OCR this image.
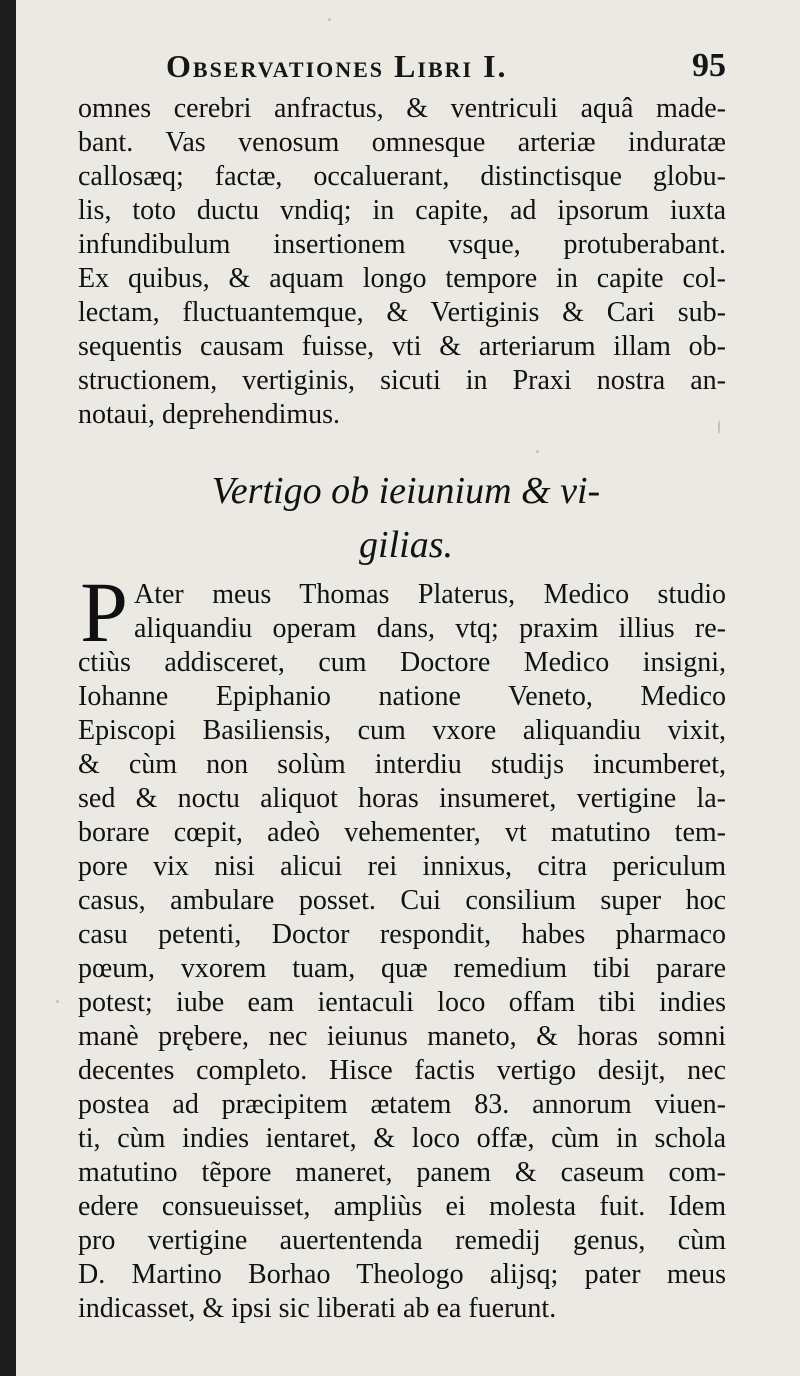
Observationes Libri I.	95
omnes cerebri anfractus, & ventriculi aquâ made-
bant. Vas venosum omnesque arteriæ induratæ
callosæq; factæ, occaluerant, distinctisque globu-
lis, toto ductu vndiq; in capite, ad ipsorum iuxta
infundibulum insertionem vsque, protuberabant.
Ex quibus, & aquam longo tempore in capite col-
lectam, fluctuantemque, & Vertiginis & Cari sub-
sequentis causam fuisse, vti & arteriarum illam ob-
structionem, vertiginis, sicuti in Praxi nostra an-
notaui, deprehendimus.
Vertigo ob ieiunium & vi-
gilias.
P Ater meus Thomas Platerus, Medico studio
aliquandiu operam dans, vtq; praxim illius re-
ctiùs addisceret, cum Doctore Medico insigni,
Iohanne Epiphanio natione Veneto, Medico
Episcopi Basiliensis, cum vxore aliquandiu vixit,
& cùm non solùm interdiu studijs incumberet,
sed & noctu aliquot horas insumeret, vertigine la-
borare cœpit, adeò vehementer, vt matutino tem-
pore vix nisi alicui rei innixus, citra periculum
casus, ambulare posset. Cui consilium super hoc
casu petenti, Doctor respondit, habes pharmaco
pœum, vxorem tuam, quæ remedium tibi parare
potest; iube eam ientaculi loco offam tibi indies
manè prębere, nec ieiunus maneto, & horas somni
decentes completo. Hisce factis vertigo desijt, nec
postea ad præcipitem ætatem 83. annorum viuen-
ti, cùm indies ientaret, & loco offæ, cùm in schola
matutino tẽpore maneret, panem & caseum com-
edere consueuisset, ampliùs ei molesta fuit. Idem
pro vertigine auertentenda remedij genus, cùm
D. Martino Borhao Theologo alijsq; pater meus
indicasset, & ipsi sic liberati ab ea fuerunt.
